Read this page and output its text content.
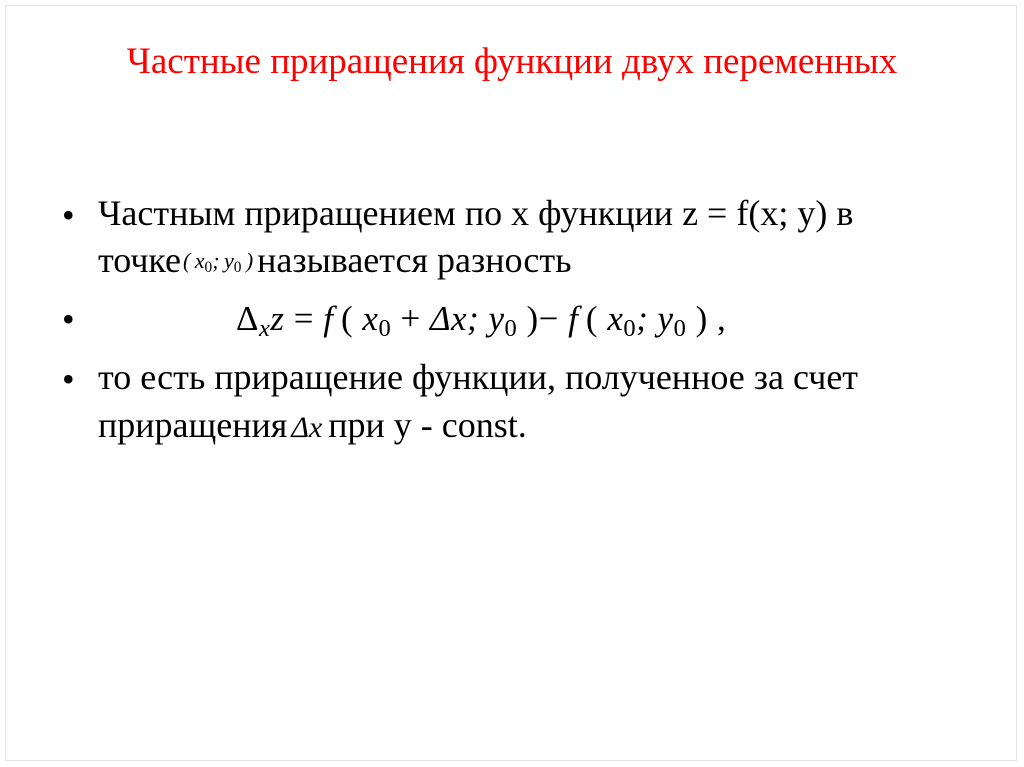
Частные приращения функции двух переменных
• Частным приращением по x функции z = f(x; y) в
точке(  $x_0$;  $y_0$  ) называется разность
•	$\Delta_xz = f$  ( $x_0 + \Delta x$; $y_0$ )− f  ( $x_0$; $y_0$ ) ,
• то есть приращение функции, полученное за счет
приращения Δx при y - const.
